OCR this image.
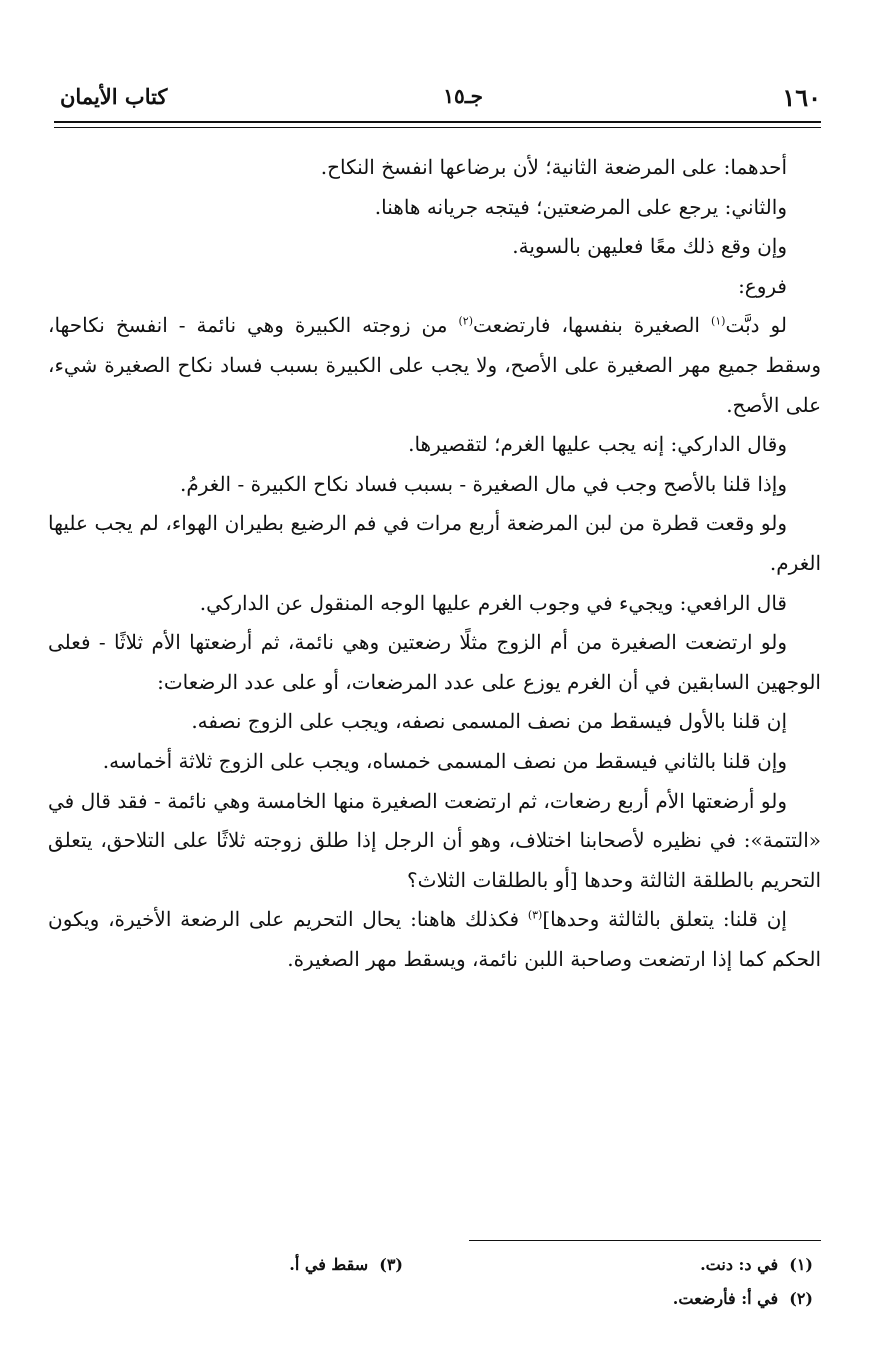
١٦٠
جـ١٥
كتاب الأيمان

أحدهما: على المرضعة الثانية؛ لأن برضاعها انفسخ النكاح.

والثاني: يرجع على المرضعتين؛ فيتجه جريانه هاهنا.

وإن وقع ذلك معًا فعليهن بالسوية.

فروع:

لو دبَّت$^{(١)}$ الصغيرة بنفسها، فارتضعت$^{(٢)}$ من زوجته الكبيرة وهي نائمة - انفسخ نكاحها، وسقط جميع مهر الصغيرة على الأصح، ولا يجب على الكبيرة بسبب فساد نكاح الصغيرة شيء، على الأصح.

وقال الداركي: إنه يجب عليها الغرم؛ لتقصيرها.

وإذا قلنا بالأصح وجب في مال الصغيرة - بسبب فساد نكاح الكبيرة - الغرمُ.

ولو وقعت قطرة من لبن المرضعة أربع مرات في فم الرضيع بطيران الهواء، لم يجب عليها الغرم.

قال الرافعي: ويجيء في وجوب الغرم عليها الوجه المنقول عن الداركي.

ولو ارتضعت الصغيرة من أم الزوج مثلًا رضعتين وهي نائمة، ثم أرضعتها الأم ثلاثًا - فعلى الوجهين السابقين في أن الغرم يوزع على عدد المرضعات، أو على عدد الرضعات:

إن قلنا بالأول فيسقط من نصف المسمى نصفه، ويجب على الزوج نصفه.

وإن قلنا بالثاني فيسقط من نصف المسمى خمساه، ويجب على الزوج ثلاثة أخماسه.

ولو أرضعتها الأم أربع رضعات، ثم ارتضعت الصغيرة منها الخامسة وهي نائمة - فقد قال في «التتمة»: في نظيره لأصحابنا اختلاف، وهو أن الرجل إذا طلق زوجته ثلاثًا على التلاحق، يتعلق التحريم بالطلقة الثالثة وحدها [أو بالطلقات الثلاث؟

إن قلنا: يتعلق بالثالثة وحدها]$^{(٣)}$ فكذلك هاهنا: يحال التحريم على الرضعة الأخيرة، ويكون الحكم كما إذا ارتضعت وصاحبة اللبن نائمة، ويسقط مهر الصغيرة.

(١)  في د: دنت.
(٢)  في أ: فأرضعت.
(٣)  سقط في أ.
